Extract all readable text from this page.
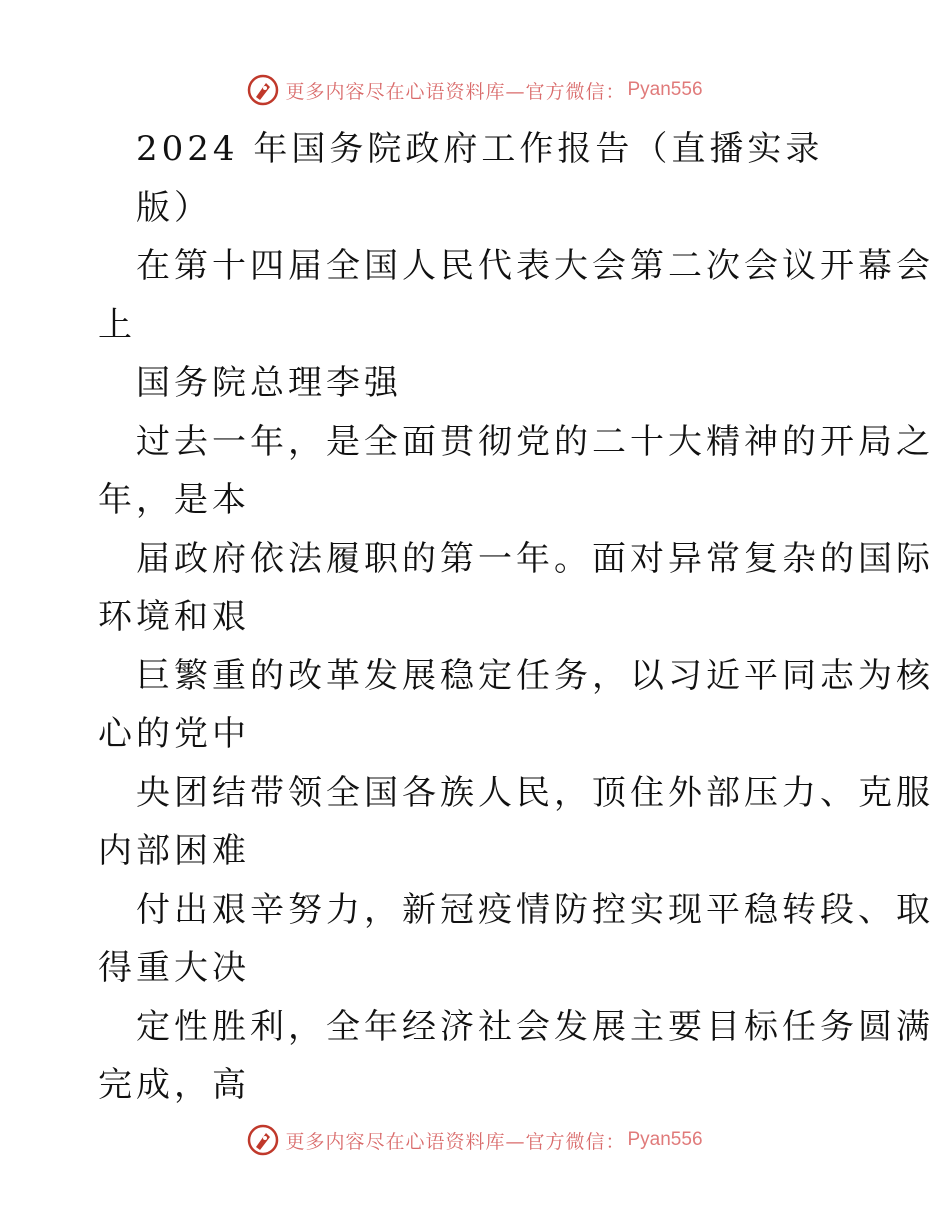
更多内容尽在心语资料库—官方微信： Pyan556
2024 年国务院政府工作报告（直播实录
版）
在第十四届全国人民代表大会第二次会议开幕会
上
国务院总理李强
过去一年，是全面贯彻党的二十大精神的开局之
年，是本
届政府依法履职的第一年。面对异常复杂的国际
环境和艰
巨繁重的改革发展稳定任务，以习近平同志为核
心的党中
央团结带领全国各族人民，顶住外部压力、克服
内部困难
付出艰辛努力，新冠疫情防控实现平稳转段、取
得重大决
定性胜利，全年经济社会发展主要目标任务圆满
完成，高
更多内容尽在心语资料库—官方微信： Pyan556
